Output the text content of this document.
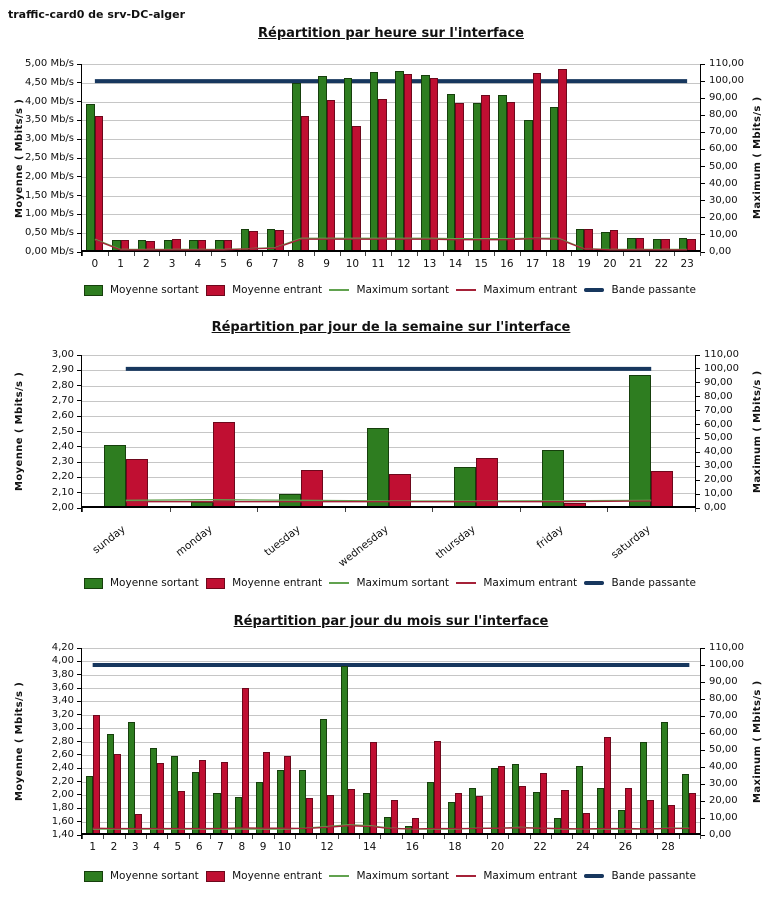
traffic-card0 de srv-DC-alger
Répartition par heure sur l'interface
Moyenne ( Mbits/s )	Maximum ( Mbits/s )
5,00 Mb/s
4,50 Mb/s
4,00 Mb/s
3,50 Mb/s
3,00 Mb/s
2,50 Mb/s
2,00 Mb/s
1,50 Mb/s
1,00 Mb/s
0,50 Mb/s
0,00 Mb/s
110,00
100,00
90,00
80,00
70,00
60,00
50,00
40,00
30,00
20,00
10,00
0,00
0	1	2	3	4	5	6	7	8	9	10	11	12	13	14	15	16	17	18	19	20	21	22	23
Moyenne sortant	Moyenne entrant	Maximum sortant	Maximum entrant	Bande passante
Répartition par jour de la semaine sur l'interface
Moyenne ( Mbits/s )	Maximum ( Mbits/s )
3,00
2,90
2,80
2,70
2,60
2,50
2,40
2,30
2,20
2,10
2,00
110,00
100,00
90,00
80,00
70,00
60,00
50,00
40,00
30,00
20,00
10,00
0,00
sunday	monday	tuesday	wednesday	thursday	friday	saturday
Moyenne sortant	Moyenne entrant	Maximum sortant	Maximum entrant	Bande passante
Répartition par jour du mois sur l'interface
Moyenne ( Mbits/s )	Maximum ( Mbits/s )
4,20
4,00
3,80
3,60
3,40
3,20
3,00
2,80
2,60
2,40
2,20
2,00
1,80
1,60
1,40
110,00
100,00
90,00
80,00
70,00
60,00
50,00
40,00
30,00
20,00
10,00
0,00
1	2	3	4	5	6	7	8	9	10	12	14	16	18	20	22	24	26	28
Moyenne sortant	Moyenne entrant	Maximum sortant	Maximum entrant	Bande passante
